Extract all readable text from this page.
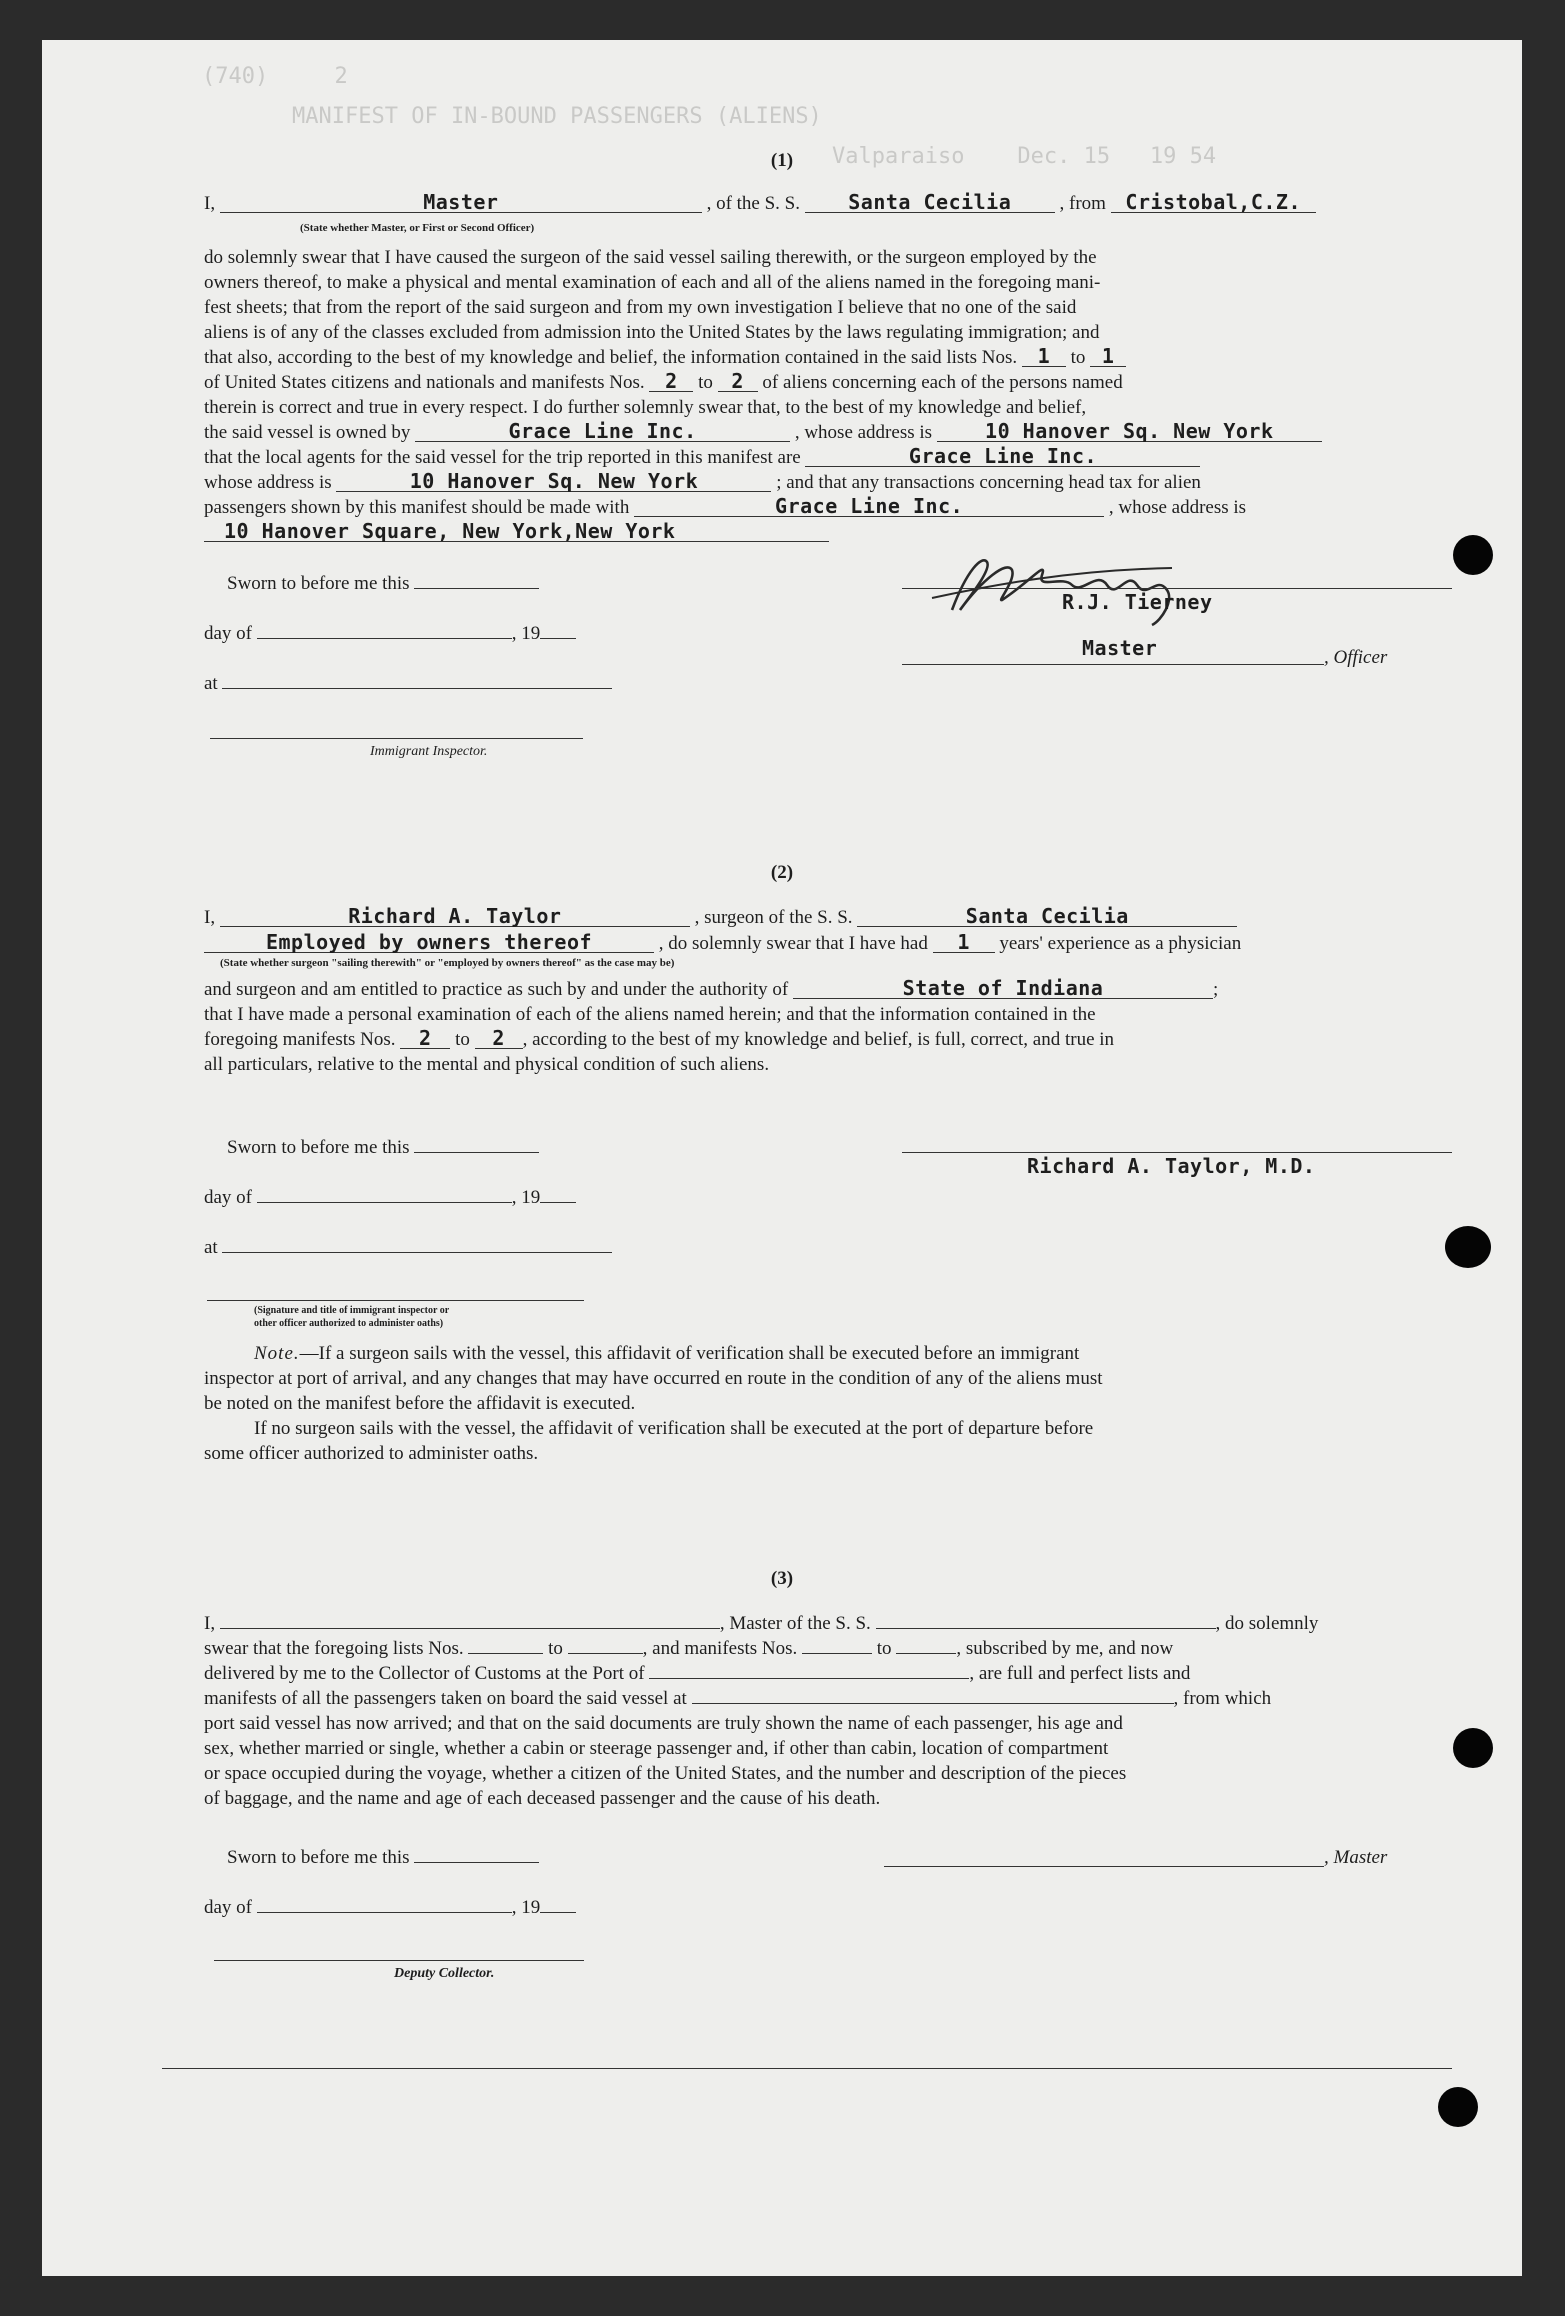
(740)     2
MANIFEST OF IN-BOUND PASSENGERS (ALIENS)
Valparaiso    Dec. 15   19 54
(1)
I,	Master	, of the S. S. Santa Cecilia	, from Cristobal,C.Z.
(State whether Master, or First or Second Officer)
do solemnly swear that I have caused the surgeon of the said vessel sailing therewith, or the surgeon employed by the
owners thereof, to make a physical and mental examination of each and all of the aliens named in the foregoing mani-
fest sheets; that from the report of the said surgeon and from my own investigation I believe that no one of the said
aliens is of any of the classes excluded from admission into the United States by the laws regulating immigration; and
that also, according to the best of my knowledge and belief, the information contained in the said lists Nos. 1 to 1
of United States citizens and nationals and manifests Nos. 2 to 2 of aliens concerning each of the persons named
therein is correct and true in every respect. I do further solemnly swear that, to the best of my knowledge and belief,
the said vessel is owned by	Grace Line Inc.	, whose address is	10 Hanover Sq. New York
that the local agents for the said vessel for the trip reported in this manifest are	Grace Line Inc.
whose address is	10 Hanover Sq. New York	; and that any transactions concerning head tax for alien
passengers shown by this manifest should be made with	Grace Line Inc.	, whose address is
10 Hanover Square, New York,New York
Sworn to before me this
day of	, 19
at
Immigrant Inspector.
R.J. Tierney
Master	, Officer
(2)
I,	Richard A. Taylor	, surgeon of the S. S.	Santa Cecilia
Employed by owners thereof	, do solemnly swear that I have had 1 years' experience as a physician
(State whether surgeon "sailing therewith" or "employed by owners thereof" as the case may be)
and surgeon and am entitled to practice as such by and under the authority of	State of Indiana	;
that I have made a personal examination of each of the aliens named herein; and that the information contained in the
foregoing manifests Nos. 2 to 2 , according to the best of my knowledge and belief, is full, correct, and true in
all particulars, relative to the mental and physical condition of such aliens.
Sworn to before me this
day of	, 19
at
(Signature and title of immigrant inspector or
other officer authorized to administer oaths)
Richard A. Taylor, M.D.
Note.—If a surgeon sails with the vessel, this affidavit of verification shall be executed before an immigrant
inspector at port of arrival, and any changes that may have occurred en route in the condition of any of the aliens must
be noted on the manifest before the affidavit is executed.
If no surgeon sails with the vessel, the affidavit of verification shall be executed at the port of departure before
some officer authorized to administer oaths.
(3)
I,	, Master of the S. S.	, do solemnly
swear that the foregoing lists Nos.	to	, and manifests Nos.	to	, subscribed by me, and now
delivered by me to the Collector of Customs at the Port of	, are full and perfect lists and
manifests of all the passengers taken on board the said vessel at	, from which
port said vessel has now arrived; and that on the said documents are truly shown the name of each passenger, his age and
sex, whether married or single, whether a cabin or steerage passenger and, if other than cabin, location of compartment
or space occupied during the voyage, whether a citizen of the United States, and the number and description of the pieces
of baggage, and the name and age of each deceased passenger and the cause of his death.
Sworn to before me this	, Master
day of	, 19
Deputy Collector.
